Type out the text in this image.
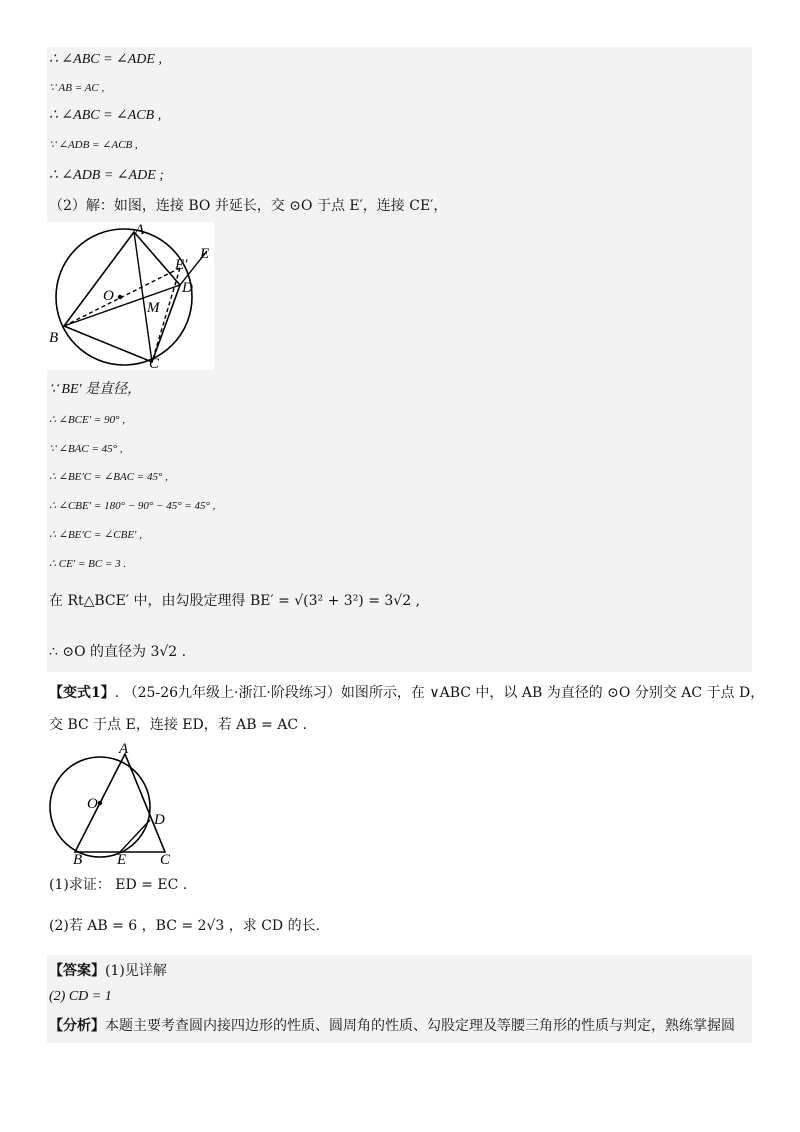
∴ ∠ABC = ∠ADE ,
∵ AB = AC ,
∴ ∠ABC = ∠ACB ,
∵ ∠ADB = ∠ACB ,
∴ ∠ADB = ∠ADE ;
（2）解：如图，连接 BO 并延长，交 ⊙O 于点 E′，连接 CE′，
A
E′
E
D
O
M
B
C
∵ BE′ 是直径，
∴ ∠BCE′ = 90° ,
∵ ∠BAC = 45° ,
∴ ∠BE′C = ∠BAC = 45° ,
∴ ∠CBE′ = 180° − 90° − 45° = 45° ,
∴ ∠BE′C = ∠CBE′ ,
∴ CE′ = BC = 3 .
在 Rt△BCE′ 中，由勾股定理得 BE′ = √(3² + 3²) = 3√2 ,
∴ ⊙O 的直径为 3√2 .
【变式1】. （25-26九年级上·浙江·阶段练习）如图所示，在 ∨ABC 中，以 AB 为直径的 ⊙O 分别交 AC 于点 D，
交 BC 于点 E，连接 ED，若 AB = AC .
A
O
D
B E C
(1)求证： ED = EC .
(2)若 AB = 6 ，BC = 2√3 ，求 CD 的长.
【答案】(1)见详解
(2) CD = 1
【分析】本题主要考查圆内接四边形的性质、圆周角的性质、勾股定理及等腰三角形的性质与判定，熟练掌握圆
